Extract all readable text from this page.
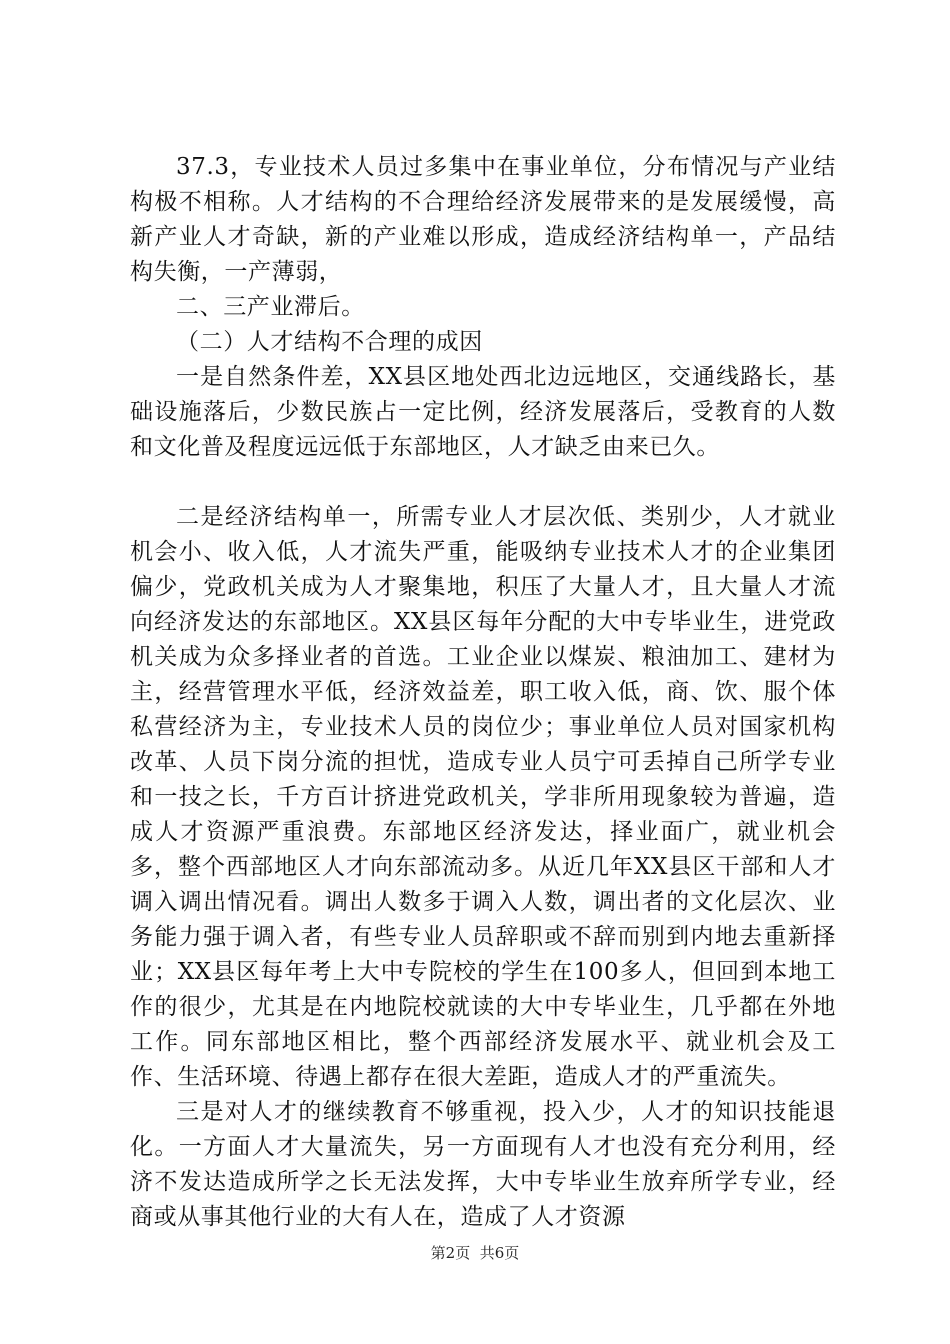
37.3，专业技术人员过多集中在事业单位，分布情况与产业结构极不相称。人才结构的不合理给经济发展带来的是发展缓慢，高新产业人才奇缺，新的产业难以形成，造成经济结构单一，产品结构失衡，一产薄弱，

二、三产业滞后。

（二）人才结构不合理的成因

一是自然条件差，XX县区地处西北边远地区，交通线路长，基础设施落后，少数民族占一定比例，经济发展落后，受教育的人数和文化普及程度远远低于东部地区，人才缺乏由来已久。

二是经济结构单一，所需专业人才层次低、类别少，人才就业机会小、收入低，人才流失严重，能吸纳专业技术人才的企业集团偏少，党政机关成为人才聚集地，积压了大量人才，且大量人才流向经济发达的东部地区。XX县区每年分配的大中专毕业生，进党政机关成为众多择业者的首选。工业企业以煤炭、粮油加工、建材为主，经营管理水平低，经济效益差，职工收入低，商、饮、服个体私营经济为主，专业技术人员的岗位少；事业单位人员对国家机构改革、人员下岗分流的担忧，造成专业人员宁可丢掉自己所学专业和一技之长，千方百计挤进党政机关，学非所用现象较为普遍，造成人才资源严重浪费。东部地区经济发达，择业面广，就业机会多，整个西部地区人才向东部流动多。从近几年XX县区干部和人才调入调出情况看。调出人数多于调入人数，调出者的文化层次、业务能力强于调入者，有些专业人员辞职或不辞而别到内地去重新择业；XX县区每年考上大中专院校的学生在100多人，但回到本地工作的很少，尤其是在内地院校就读的大中专毕业生，几乎都在外地工作。同东部地区相比，整个西部经济发展水平、就业机会及工作、生活环境、待遇上都存在很大差距，造成人才的严重流失。

三是对人才的继续教育不够重视，投入少，人才的知识技能退化。一方面人才大量流失，另一方面现有人才也没有充分利用，经济不发达造成所学之长无法发挥，大中专毕业生放弃所学专业，经商或从事其他行业的大有人在，造成了人才资源

第2页 共6页
